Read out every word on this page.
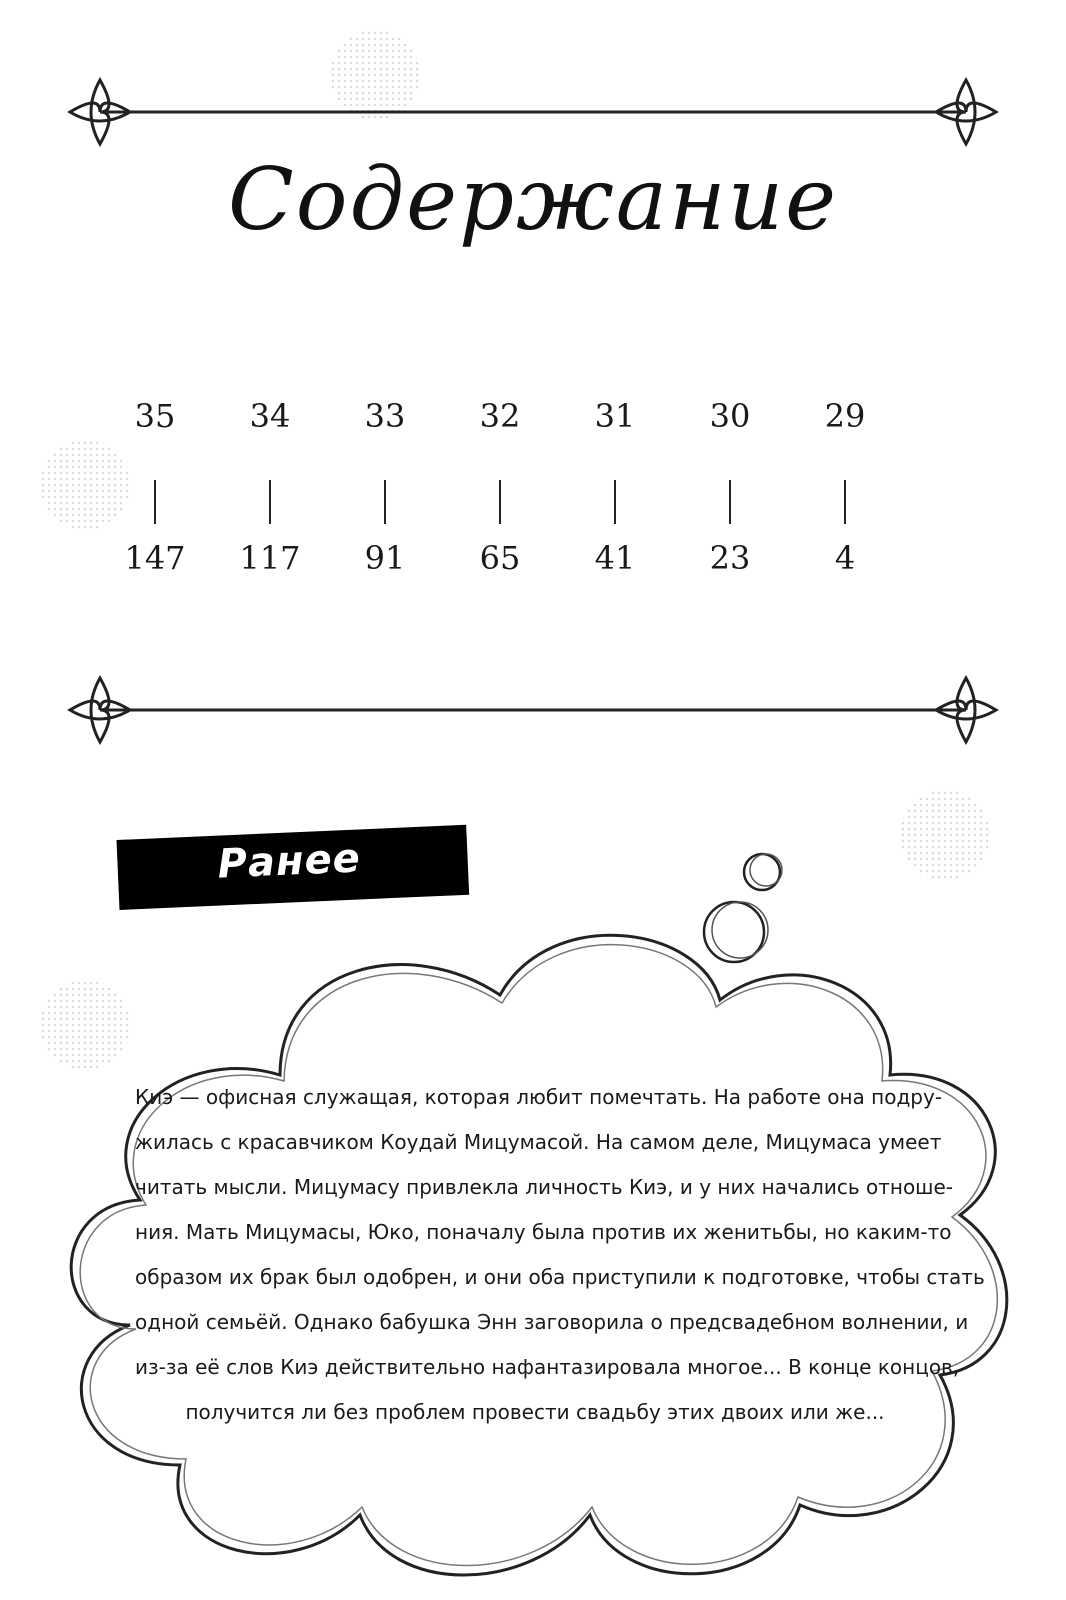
Содержание
35
147
34
117
33
91
32
65
31
41
30
23
29
4
Ранее
Киэ — офисная служащая, которая любит помечтать. На работе она подру-
жилась с красавчиком Коудай Мицумасой. На самом деле, Мицумаса умеет
читать мысли. Мицумасу привлекла личность Киэ, и у них начались отноше-
ния. Мать Мицумасы, Юко, поначалу была против их женитьбы, но каким-то
образом их брак был одобрен, и они оба приступили к подготовке, чтобы стать
одной семьёй. Однако бабушка Энн заговорила о предсвадебном волнении, и
из-за её слов Киэ действительно нафантазировала многое... В конце концов,
получится ли без проблем провести свадьбу этих двоих или же...
